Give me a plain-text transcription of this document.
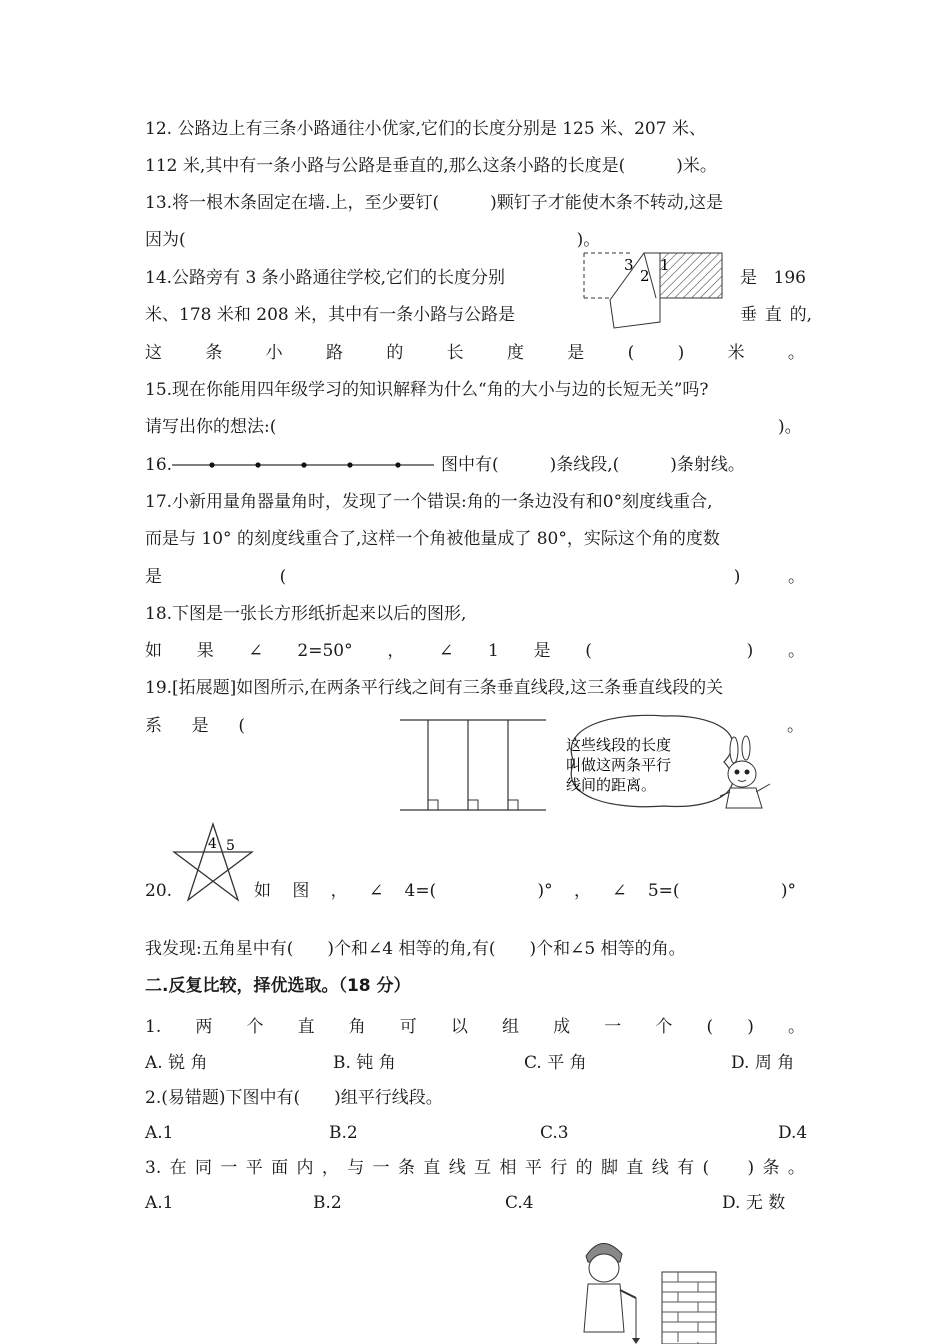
12. 公路边上有三条小路通往小优家,它们的长度分别是 125 米、207 米、
112 米,其中有一条小路与公路是垂直的,那么这条小路的长度是(　　　)米。
13.将一根木条固定在墙.上，至少要钉(　　　)颗钉子才能使木条不转动,这是
因为(　　　　　　　　　　　　　　　　　　　　　　　)。
14.公路旁有 3 条小路通往学校,它们的长度分别	是 196
米、178 米和 208 米，其中有一条小路与公路是	垂 直 的,
这	条	小	路	的	长	度	是	(	)	米	。
3
2
1
15.现在你能用四年级学习的知识解释为什么“角的大小与边的长短无关”吗?
请写出你的想法:(	)。
16.	图中有(　　　)条线段,(　　　)条射线。
17.小新用量角器量角时，发现了一个错误:角的一条边没有和0°刻度线重合,
而是与 10° 的刻度线重合了,这样一个角被他量成了 80°，实际这个角的度数
是	(	)	。
18.下图是一张长方形纸折起来以后的图形,
如 果 ∠ 2=50° ， ∠ 1 是 (	) 。
19.[拓展题]如图所示,在两条平行线之间有三条垂直线段,这三条垂直线段的关
系 是 (	。
这些线段的长度
叫做这两条平行
线间的距离。
4 5
20.	如 图 ， ∠ 4=(	)° ， ∠ 5=(	)°
我发现:五角星中有(　　)个和∠4 相等的角,有(　　)个和∠5 相等的角。
二.反复比较，择优选取。（18 分）
1. 两 个 直 角 可 以 组 成 一 个 ( ) 。
A. 锐 角	B. 钝 角	C. 平 角	D. 周 角
2.(易错题)下图中有(　　)组平行线段。
A.1	B.2	C.3	D.4
3. 在 同 一 平 面 内 ， 与 一 条 直 线 互 相 平 行 的 脚 直 线 有 ( ) 条 。
A.1	B.2	C.4	D. 无 数
